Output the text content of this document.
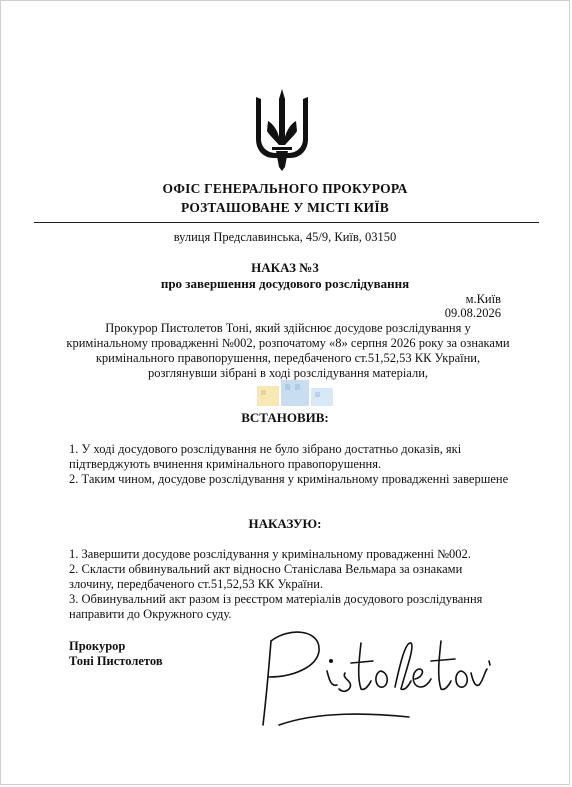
ОФІС ГЕНЕРАЛЬНОГО ПРОКУРОРА
РОЗТАШОВАНЕ У МІСТІ КИЇВ
вулиця Предславинська, 45/9, Київ, 03150
НАКАЗ №3
про завершення досудового розслідування
м.Київ
09.08.2026
Прокурор Пистолетов Тоні, який здійснює досудове розслідування у кримінальному провадженні №002, розпочатому «8» серпня 2026 року за ознаками кримінального правопорушення, передбаченого ст.51,52,53 КК України, розглянувши зібрані в ході розслідування матеріали,
ВСТАНОВИВ:

1. У ході досудового розслідування не було зібрано достатньо доказів, які підтверджують вчинення кримінального правопорушення.

2. Таким чином, досудове розслідування у кримінальному провадженні завершене

НАКАЗУЮ:

1. Завершити досудове розслідування у кримінальному провадженні №002.

2. Скласти обвинувальний акт відносно Станіслава Вельмара за ознаками злочину, передбаченого ст.51,52,53 КК України.

3. Обвинувальний акт разом із реєстром матеріалів досудового розслідування направити до Окружного суду.

Прокурор
Тоні Пистолетов
Pistoletov
